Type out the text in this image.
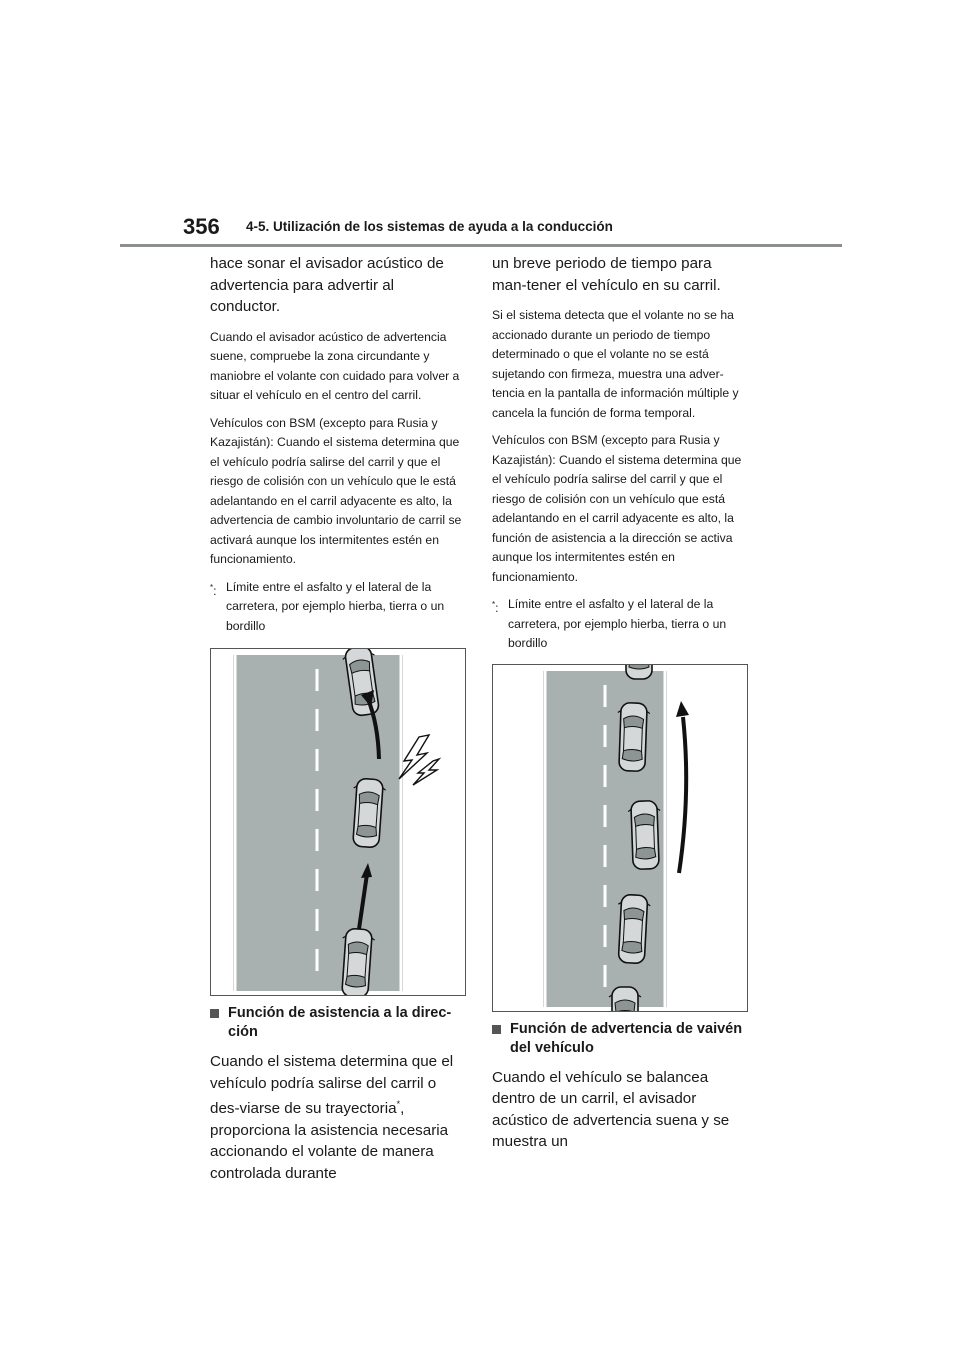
356 4-5. Utilización de los sistemas de ayuda a la conducción

hace sonar el avisador acústico de advertencia para advertir al conductor.

Cuando el avisador acústico de advertencia suene, compruebe la zona circundante y maniobre el volante con cuidado para volver a situar el vehículo en el centro del carril.

Vehículos con BSM (excepto para Rusia y Kazajistán): Cuando el sistema determina que el vehículo podría salirse del carril y que el riesgo de colisión con un vehículo que le está adelantando en el carril adyacente es alto, la advertencia de cambio involuntario de carril se activará aunque los intermitentes estén en funcionamiento.

*: Límite entre el asfalto y el lateral de la carretera, por ejemplo hierba, tierra o un bordillo
Función de asistencia a la direc-ción

Cuando el sistema determina que el vehículo podría salirse del carril o des-viarse de su trayectoria*, proporciona la asistencia necesaria accionando el volante de manera controlada durante

un breve periodo de tiempo para man-tener el vehículo en su carril.

Si el sistema detecta que el volante no se ha accionado durante un periodo de tiempo determinado o que el volante no se está sujetando con firmeza, muestra una adver-tencia en la pantalla de información múltiple y cancela la función de forma temporal.

Vehículos con BSM (excepto para Rusia y Kazajistán): Cuando el sistema determina que el vehículo podría salirse del carril y que el riesgo de colisión con un vehículo que está adelantando en el carril adyacente es alto, la función de asistencia a la dirección se activa aunque los intermitentes estén en funcionamiento.

*: Límite entre el asfalto y el lateral de la carretera, por ejemplo hierba, tierra o un bordillo
Función de advertencia de vaivén del vehículo

Cuando el vehículo se balancea dentro de un carril, el avisador acústico de advertencia suena y se muestra un
